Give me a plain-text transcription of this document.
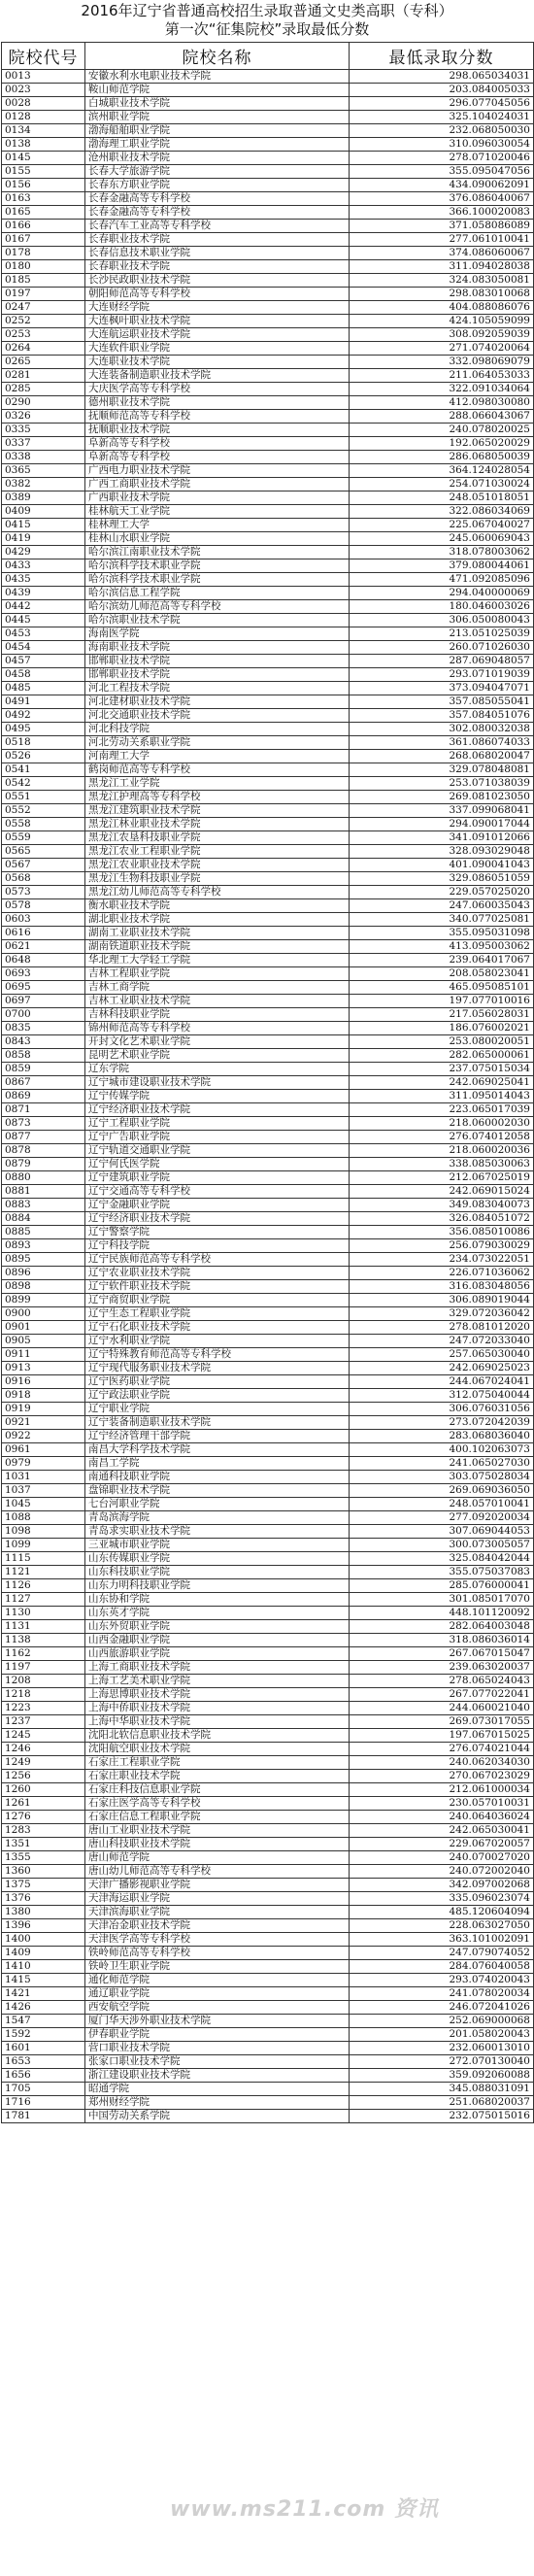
2016年辽宁省普通高校招生录取普通文史类高职（专科）
第一次“征集院校”录取最低分数
院校代号	院校名称	最低录取分数
0013	安徽水利水电职业技术学院	298.065034031
0023	鞍山师范学院	203.084005033
0028	白城职业技术学院	296.077045056
0128	滨州职业学院	325.104024031
0134	渤海船舶职业学院	232.068050030
0138	渤海理工职业学院	310.096030054
0145	沧州职业技术学院	278.071020046
0155	长春大学旅游学院	355.095047056
0156	长春东方职业学院	434.090062091
0163	长春金融高等专科学校	376.086040067
0165	长春金融高等专科学校	366.100020083
0166	长春汽车工业高等专科学校	371.058086089
0167	长春职业技术学院	277.061010041
0178	长春信息技术职业学院	374.086060067
0180	长春职业技术学院	311.094028038
0185	长沙民政职业技术学院	324.083050081
0197	朝阳师范高等专科学校	298.083010068
0247	大连财经学院	404.088086076
0252	大连枫叶职业技术学院	424.105059099
0253	大连航运职业技术学院	308.092059039
0264	大连软件职业学院	271.074020064
0265	大连职业技术学院	332.098069079
0281	大连装备制造职业技术学院	211.064053033
0285	大庆医学高等专科学校	322.091034064
0290	德州职业技术学院	412.098030080
0326	抚顺师范高等专科学校	288.066043067
0335	抚顺职业技术学院	240.078020025
0337	阜新高等专科学校	192.065020029
0338	阜新高等专科学校	286.068050039
0365	广西电力职业技术学院	364.124028054
0382	广西工商职业技术学院	254.071030024
0389	广西职业技术学院	248.051018051
0409	桂林航天工业学院	322.086034069
0415	桂林理工大学	225.067040027
0419	桂林山水职业学院	245.060069043
0429	哈尔滨江南职业技术学院	318.078003062
0433	哈尔滨科学技术职业学院	379.080044061
0435	哈尔滨科学技术职业学院	471.092085096
0439	哈尔滨信息工程学院	294.040000069
0442	哈尔滨幼儿师范高等专科学校	180.046003026
0445	哈尔滨职业技术学院	306.050080043
0453	海南医学院	213.051025039
0454	海南职业技术学院	260.071026030
0457	邯郸职业技术学院	287.069048057
0458	邯郸职业技术学院	293.071019039
0485	河北工程技术学院	373.094047071
0491	河北建材职业技术学院	357.085055041
0492	河北交通职业技术学院	357.084051076
0495	河北科技学院	302.080032038
0518	河北劳动关系职业学院	361.086074033
0526	河南理工大学	268.068020047
0541	鹤岗师范高等专科学校	329.078048081
0542	黑龙江工业学院	253.071038039
0551	黑龙江护理高等专科学校	269.081023050
0552	黑龙江建筑职业技术学院	337.099068041
0558	黑龙江林业职业技术学院	294.090017044
0559	黑龙江农垦科技职业学院	341.091012066
0565	黑龙江农业工程职业学院	328.093029048
0567	黑龙江农业职业技术学院	401.090041043
0568	黑龙江生物科技职业学院	329.086051059
0573	黑龙江幼儿师范高等专科学校	229.057025020
0578	衡水职业技术学院	247.060035043
0603	湖北职业技术学院	340.077025081
0616	湖南工业职业技术学院	355.095031098
0621	湖南铁道职业技术学院	413.095003062
0648	华北理工大学轻工学院	239.064017067
0693	吉林工程职业学院	208.058023041
0695	吉林工商学院	465.095085101
0697	吉林工业职业技术学院	197.077010016
0700	吉林科技职业学院	217.056028031
0835	锦州师范高等专科学校	186.076002021
0843	开封文化艺术职业学院	253.080020051
0858	昆明艺术职业学院	282.065000061
0859	辽东学院	237.075015034
0867	辽宁城市建设职业技术学院	242.069025041
0869	辽宁传媒学院	311.095014043
0871	辽宁经济职业技术学院	223.065017039
0873	辽宁工程职业学院	218.060002030
0877	辽宁广告职业学院	276.074012058
0878	辽宁轨道交通职业学院	218.060020036
0879	辽宁何氏医学院	338.085030063
0880	辽宁建筑职业学院	212.067025019
0881	辽宁交通高等专科学校	242.069015024
0883	辽宁金融职业学院	349.083040073
0884	辽宁经济职业技术学院	326.084051072
0885	辽宁警察学院	356.085010086
0893	辽宁科技学院	256.079030029
0895	辽宁民族师范高等专科学校	234.073022051
0896	辽宁农业职业技术学院	226.071036062
0898	辽宁软件职业技术学院	316.083048056
0899	辽宁商贸职业学院	306.089019044
0900	辽宁生态工程职业学院	329.072036042
0901	辽宁石化职业技术学院	278.081012020
0905	辽宁水利职业学院	247.072033040
0911	辽宁特殊教育师范高等专科学校	257.065030040
0913	辽宁现代服务职业技术学院	242.069025023
0916	辽宁医药职业学院	244.067024041
0918	辽宁政法职业学院	312.075040044
0919	辽宁职业学院	306.076031056
0921	辽宁装备制造职业技术学院	273.072042039
0922	辽宁经济管理干部学院	283.068036040
0961	南昌大学科学技术学院	400.102063073
0979	南昌工学院	241.065027030
1031	南通科技职业学院	303.075028034
1037	盘锦职业技术学院	269.069036050
1045	七台河职业学院	248.057010041
1088	青岛滨海学院	277.092020034
1098	青岛求实职业技术学院	307.069044053
1099	三亚城市职业学院	300.073005057
1115	山东传媒职业学院	325.084042044
1121	山东科技职业学院	355.075037083
1126	山东力明科技职业学院	285.076000041
1127	山东协和学院	301.085017070
1130	山东英才学院	448.101120092
1131	山东外贸职业学院	282.064003048
1138	山西金融职业学院	318.086036014
1162	山西旅游职业学院	267.067015047
1197	上海工商职业技术学院	239.063020037
1208	上海工艺美术职业学院	278.065024043
1218	上海思博职业技术学院	267.077022041
1223	上海中侨职业技术学院	244.060021040
1237	上海中华职业技术学院	269.073017055
1245	沈阳北软信息职业技术学院	197.067015025
1246	沈阳航空职业技术学院	276.074021044
1249	石家庄工程职业学院	240.062034030
1256	石家庄职业技术学院	270.067023029
1260	石家庄科技信息职业学院	212.061000034
1261	石家庄医学高等专科学校	230.057010031
1276	石家庄信息工程职业学院	240.064036024
1283	唐山工业职业技术学院	242.065030041
1351	唐山科技职业技术学院	229.067020057
1355	唐山师范学院	240.070027020
1360	唐山幼儿师范高等专科学校	240.072002040
1375	天津广播影视职业学院	342.097002068
1376	天津海运职业学院	335.096023074
1380	天津滨海职业学院	485.120604094
1396	天津冶金职业技术学院	228.063027050
1400	天津医学高等专科学校	363.101002091
1409	铁岭师范高等专科学校	247.079074052
1410	铁岭卫生职业学院	284.076040058
1415	通化师范学院	293.074020043
1421	通辽职业学院	241.078020034
1426	西安航空学院	246.072041026
1547	厦门华天涉外职业技术学院	252.069000068
1592	伊春职业学院	201.058020043
1601	营口职业技术学院	232.060013010
1653	张家口职业技术学院	272.070130040
1656	浙江建设职业技术学院	359.092060088
1705	昭通学院	345.088031091
1716	郑州财经学院	251.068020037
1781	中国劳动关系学院	232.075015016
www.ms211.com 资讯
